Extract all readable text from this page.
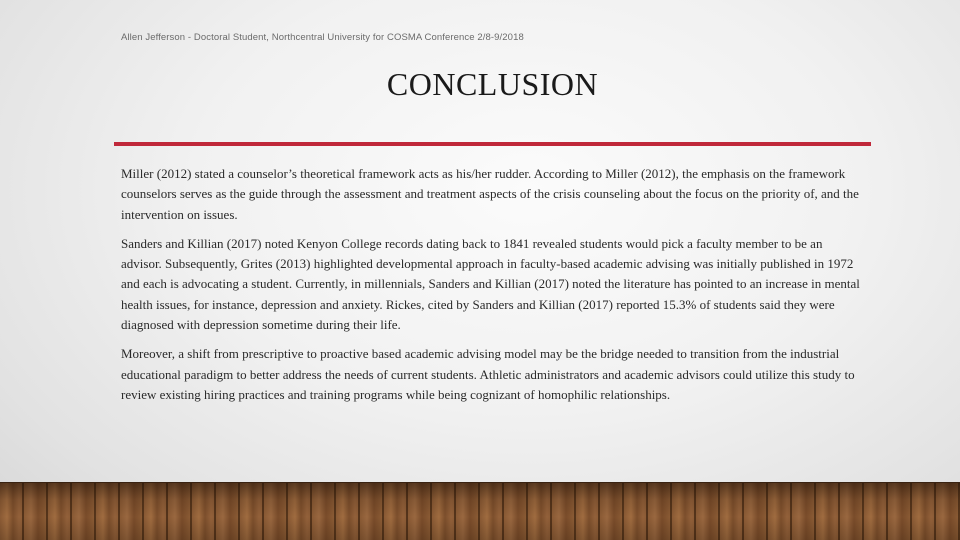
Allen Jefferson - Doctoral Student, Northcentral University for COSMA Conference 2/8-9/2018
CONCLUSION

Miller (2012) stated a counselor’s theoretical framework acts as his/her rudder. According to Miller (2012), the emphasis on the framework counselors serves as the guide through the assessment and treatment aspects of the crisis counseling about the focus on the priority of, and the intervention on issues.

Sanders and Killian (2017) noted Kenyon College records dating back to 1841 revealed students would pick a faculty member to be an advisor. Subsequently, Grites (2013) highlighted developmental approach in faculty-based academic advising was initially published in 1972 and each is advocating a student. Currently, in millennials, Sanders and Killian (2017) noted the literature has pointed to an increase in mental health issues, for instance, depression and anxiety. Rickes, cited by Sanders and Killian (2017) reported 15.3% of students said they were diagnosed with depression sometime during their life.

Moreover, a shift from prescriptive to proactive based academic advising model may be the bridge needed to transition from the industrial educational paradigm to better address the needs of current students. Athletic administrators and academic advisors could utilize this study to review existing hiring practices and training programs while being cognizant of homophilic relationships.
